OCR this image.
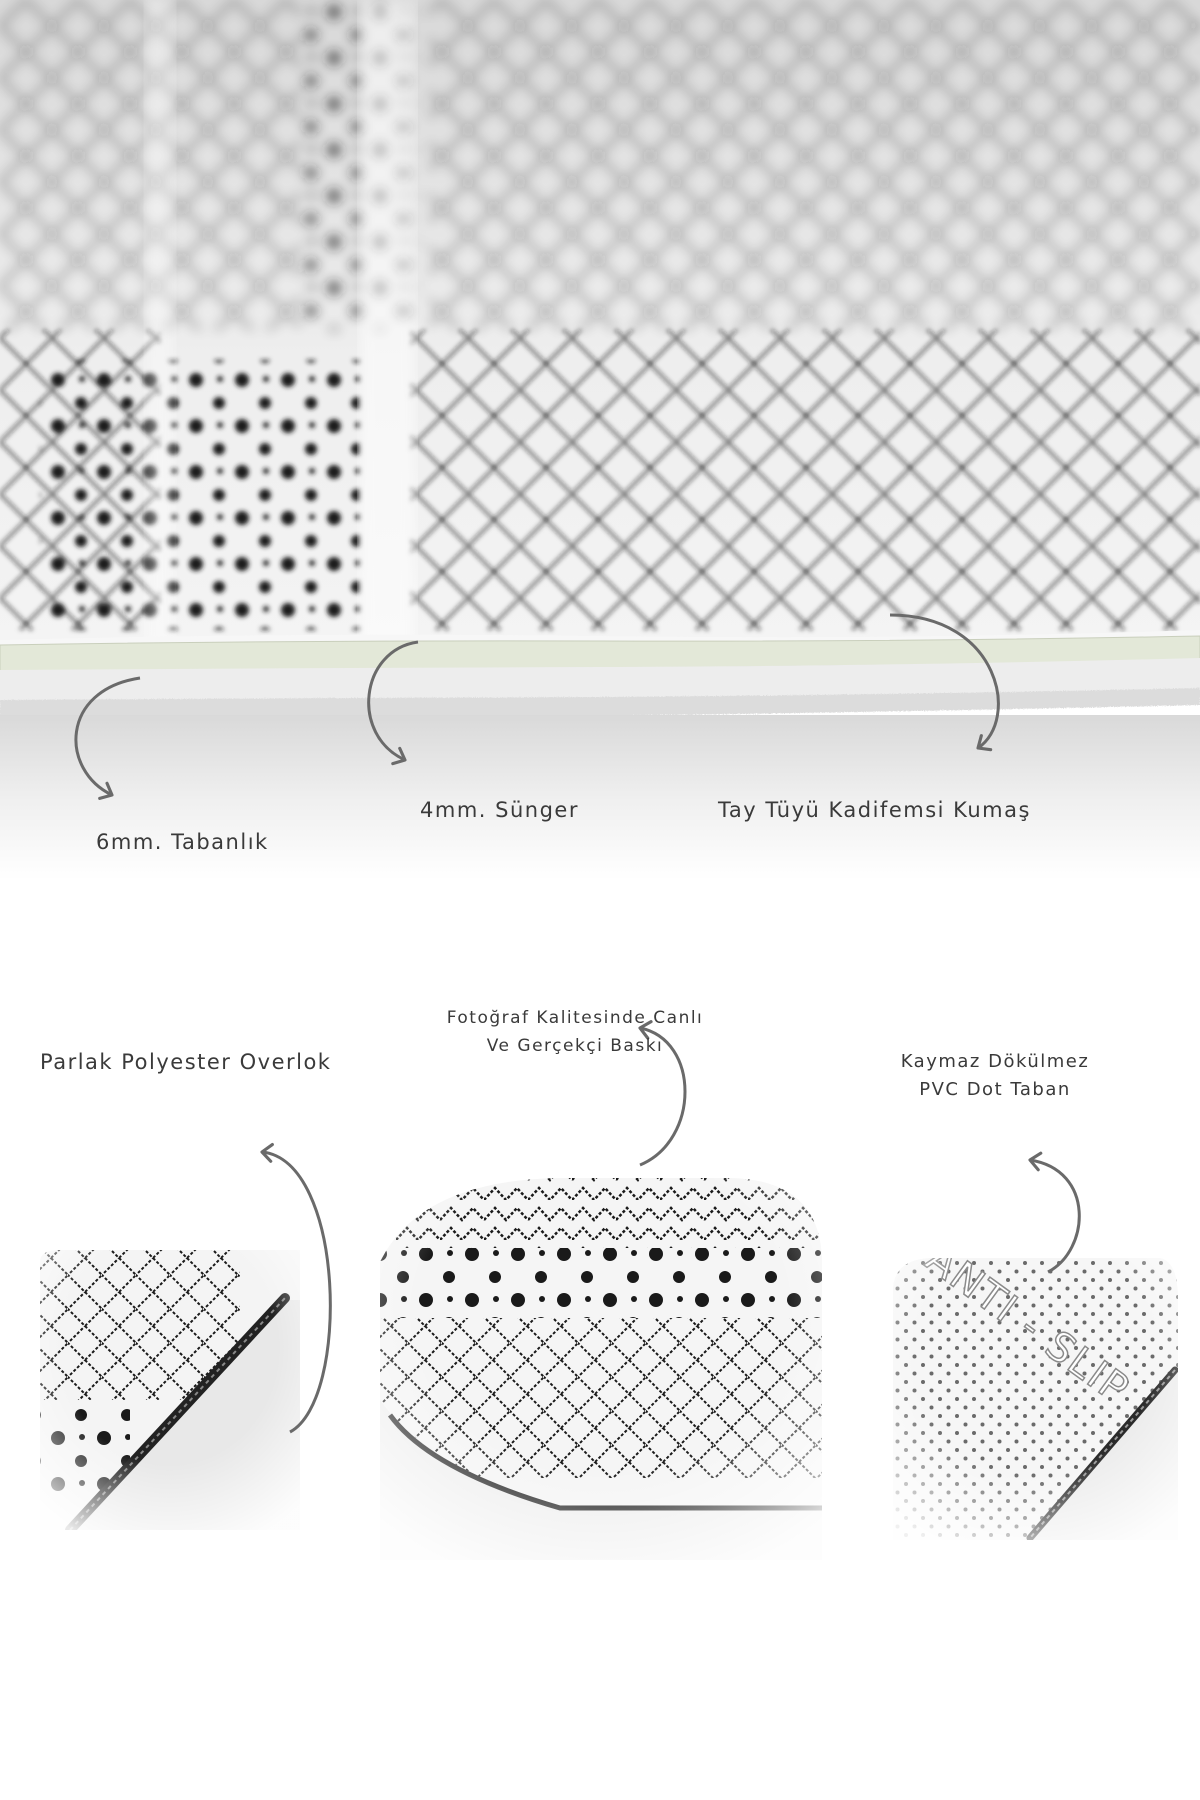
6mm. Tabanlık
4mm. Sünger	Tay Tüyü Kadifemsi Kumaş
Parlak Polyester Overlok
Fotoğraf Kalitesinde Canlı
Ve Gerçekçi Baskı
Kaymaz Dökülmez
PVC Dot Taban
